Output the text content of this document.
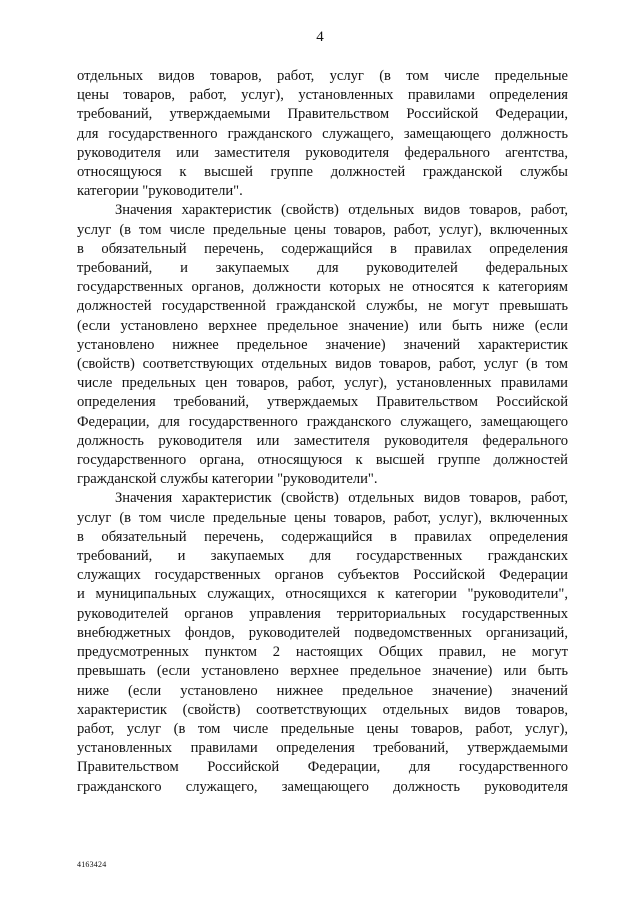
4
отдельных видов товаров, работ, услуг (в том числе предельные
цены товаров, работ, услуг), установленных правилами определения
требований, утверждаемыми Правительством Российской Федерации,
для государственного гражданского служащего, замещающего должность
руководителя или заместителя руководителя федерального агентства,
относящуюся к высшей группе должностей гражданской службы
категории "руководители".
Значения характеристик (свойств) отдельных видов товаров, работ,
услуг (в том числе предельные цены товаров, работ, услуг), включенных
в обязательный перечень, содержащийся в правилах определения
требований, и закупаемых для руководителей федеральных
государственных органов, должности которых не относятся к категориям
должностей государственной гражданской службы, не могут превышать
(если установлено верхнее предельное значение) или быть ниже (если
установлено нижнее предельное значение) значений характеристик
(свойств) соответствующих отдельных видов товаров, работ, услуг (в том
числе предельных цен товаров, работ, услуг), установленных правилами
определения требований, утверждаемых Правительством Российской
Федерации, для государственного гражданского служащего, замещающего
должность руководителя или заместителя руководителя федерального
государственного органа, относящуюся к высшей группе должностей
гражданской службы категории "руководители".
Значения характеристик (свойств) отдельных видов товаров, работ,
услуг (в том числе предельные цены товаров, работ, услуг), включенных
в обязательный перечень, содержащийся в правилах определения
требований, и закупаемых для государственных гражданских
служащих государственных органов субъектов Российской Федерации
и муниципальных служащих, относящихся к категории "руководители",
руководителей органов управления территориальных государственных
внебюджетных фондов, руководителей подведомственных организаций,
предусмотренных пунктом 2 настоящих Общих правил, не могут
превышать (если установлено верхнее предельное значение) или быть
ниже (если установлено нижнее предельное значение) значений
характеристик (свойств) соответствующих отдельных видов товаров,
работ, услуг (в том числе предельные цены товаров, работ, услуг),
установленных правилами определения требований, утверждаемыми
Правительством Российской Федерации, для государственного
гражданского служащего, замещающего должность руководителя
4163424
